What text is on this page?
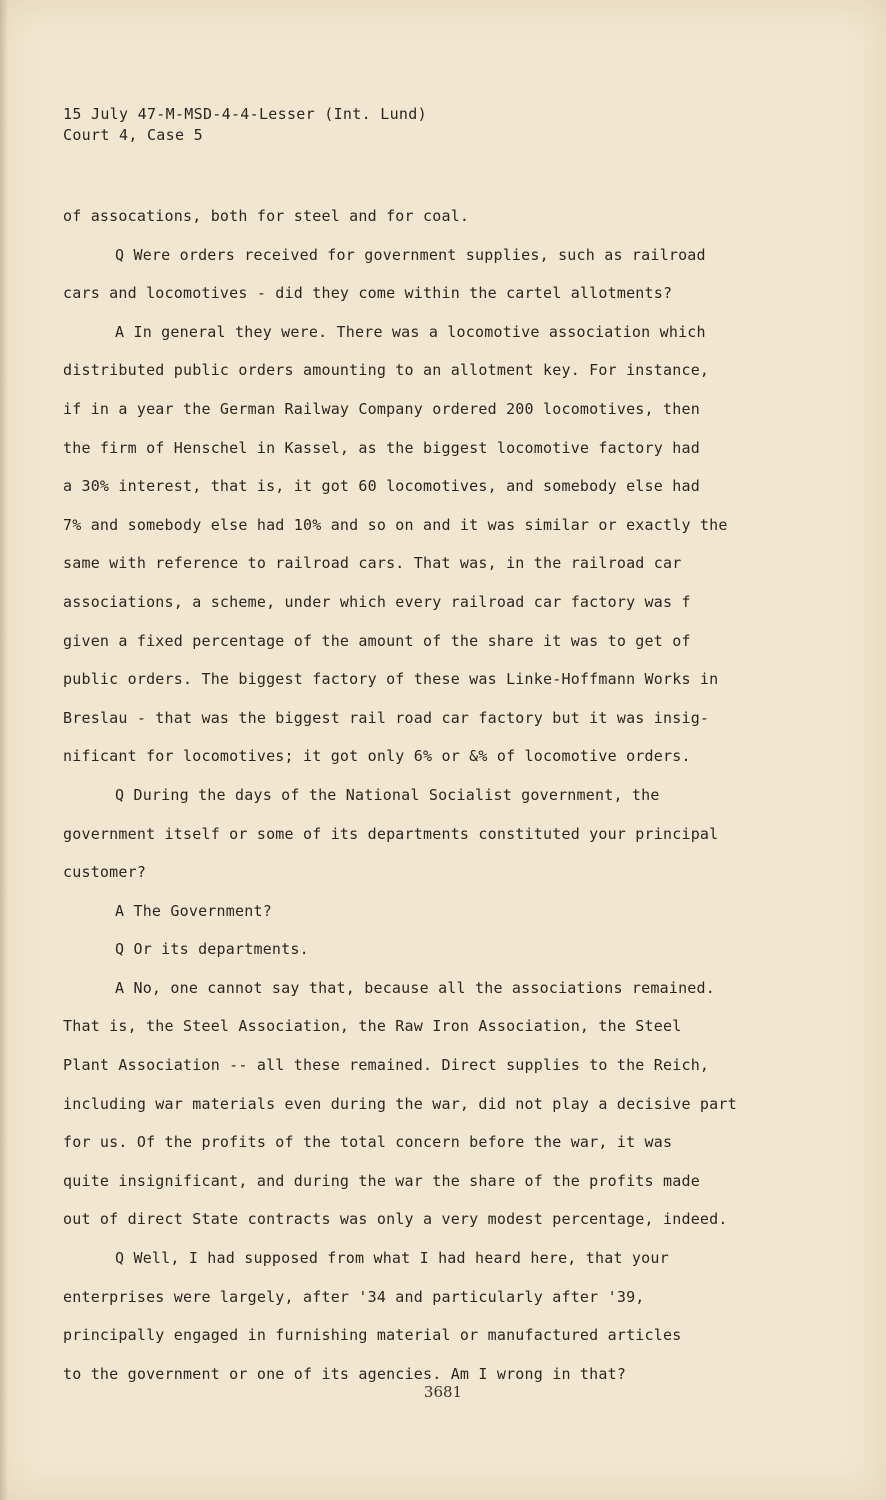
15 July 47-M-MSD-4-4-Lesser (Int. Lund)
Court 4, Case 5
of assocations, both for steel and for coal.
Q Were orders received for government supplies, such as railroad
cars and locomotives - did they come within the cartel allotments?
A In general they were. There was a locomotive association which
distributed public orders amounting to an allotment key. For instance,
if in a year the German Railway Company ordered 200 locomotives, then
the firm of Henschel in Kassel, as the biggest locomotive factory had
a 30% interest, that is, it got 60 locomotives, and somebody else had
7% and somebody else had 10% and so on and it was similar or exactly the
same with reference to railroad cars. That was, in the railroad car
associations, a scheme, under which every railroad car factory was f
given a fixed percentage of the amount of the share it was to get of
public orders. The biggest factory of these was Linke-Hoffmann Works in
Breslau - that was the biggest rail road car factory but it was insig-
nificant for locomotives; it got only 6% or &% of locomotive orders.
Q During the days of the National Socialist government, the
government itself or some of its departments constituted your principal
customer?
A The Government?
Q Or its departments.
A No, one cannot say that, because all the associations remained.
That is, the Steel Association, the Raw Iron Association, the Steel
Plant Association -- all these remained. Direct supplies to the Reich,
including war materials even during the war, did not play a decisive part
for us. Of the profits of the total concern before the war, it was
quite insignificant, and during the war the share of the profits made
out of direct State contracts was only a very modest percentage, indeed.
Q Well, I had supposed from what I had heard here, that your
enterprises were largely, after '34 and particularly after '39,
principally engaged in furnishing material or manufactured articles
to the government or one of its agencies. Am I wrong in that?
3681
